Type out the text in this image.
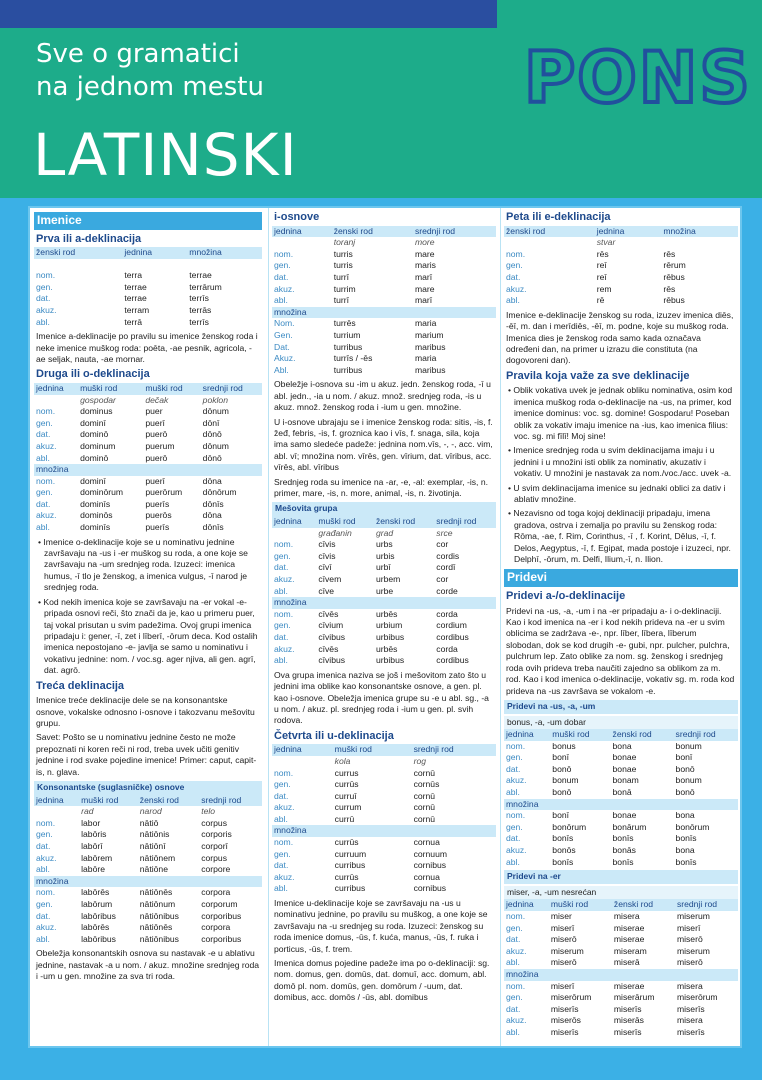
Sve o gramatici
na jednom mestu
LATINSKI
PONS
Imenice
Prva ili a-deklinacija
ženski rod	jednina	množina

nom.	terra	terrae
gen.	terrae	terrārum
dat.	terrae	terrīs
akuz.	terram	terrās
abl.	terrā	terrīs
Imenice a-deklinacije po pravilu su imenice ženskog roda i neke imenice muškog roda: poēta, -ae pesnik, agricola, -ae seljak, nauta, -ae mornar.
Druga ili o-deklinacija
jednina	muški rod	muški rod	srednji rod
	gospodar	dečak	poklon
nom.	dominus	puer	dōnum
gen.	dominī	puerī	dōnī
dat.	dominō	puerō	dōnō
akuz.	dominum	puerum	dōnum
abl.	dominō	puerō	dōnō
množina			
nom.	dominī	puerī	dōna
gen.	dominōrum	puerōrum	dōnōrum
dat.	dominīs	puerīs	dōnīs
akuz.	dominōs	puerōs	dōna
abl.	dominīs	puerīs	dōnīs
• Imenice o-deklinacije koje se u nominativu jednine završavaju na -us i -er muškog su roda, a one koje se završavaju na -um srednjeg roda. Izuzeci: imenica humus, -ī tlo je ženskog, a imenica vulgus, -ī narod je srednjeg roda.
• Kod nekih imenica koje se završavaju na -er vokal -e- pripada osnovi reči, što znači da je, kao u primeru puer, taj vokal prisutan u svim padežima. Ovoj grupi imenica pripadaju i: gener, -ī, zet i līberī, -ōrum deca. Kod ostalih imenica nepostojano -e- javlja se samo u nominativu i vokativu jednine: nom. / voc.sg. ager njiva, ali gen. agrī, dat. agrō.
Treća deklinacija
Imenice treće deklinacije dele se na konsonantske osnove, vokalske odnosno i-osnove i takozvanu mešovitu grupu.
Savet: Pošto se u nominativu jednine često ne može prepoznati ni koren reči ni rod, treba uvek učiti genitiv jednine i rod svake pojedine imenice! Primer: caput, capit-is, n. glava.
Konsonantske (suglasničke) osnove
jednina	muški rod	ženski rod	srednji rod
	rad	narod	telo
nom.	labor	nātiō	corpus
gen.	labōris	nātiōnis	corporis
dat.	labōrī	nātiōnī	corporī
akuz.	labōrem	nātiōnem	corpus
abl.	labōre	nātiōne	corpore
množina			
nom.	labōrēs	nātiōnēs	corpora
gen.	labōrum	nātiōnum	corporum
dat.	labōribus	nātiōnibus	corporibus
akuz.	labōrēs	nātiōnēs	corpora
abl.	labōribus	nātiōnibus	corporibus
Obeležja konsonantskih osnova su nastavak -e u ablativu jednine, nastavak -a u nom. / akuz. množine srednjeg roda i -um u gen. množine za sva tri roda.
i-osnove
jednina	ženski rod	srednji rod
	toranj	more
nom.	turris	mare
gen.	turris	maris
dat.	turrī	marī
akuz.	turrim	mare
abl.	turrī	marī
množina		
Nom.	turrēs	maria
Gen.	turrium	marium
Dat.	turribus	maribus
Akuz.	turrīs / -ēs	maria
Abl.	turribus	maribus
Obeležje i-osnova su -im u akuz. jedn. ženskog roda, -ī u abl. jedn., -ia u nom. / akuz. množ. srednjeg roda, -is u akuz. množ. ženskog roda i -ium u gen. množine.
U i-osnove ubrajaju se i imenice ženskog roda: sitis, -is, f. žeđ, febris, -is, f. groznica kao i vīs, f. snaga, sila, koja ima samo sledeće padeže: jednina nom.vīs, -, -, acc. vim, abl. vī; množina nom. vīrēs, gen. vīrium, dat. vīribus, acc. vīrēs, abl. vīribus
Srednjeg roda su imenice na -ar, -e, -al: exemplar, -is, n. primer, mare, -is, n. more, animal, -is, n. životinja.
Mešovita grupa
jednina	muški rod	ženski rod	srednji rod
	građanin	grad	srce
nom.	cīvis	urbs	cor
gen.	cīvis	urbis	cordis
dat.	cīvī	urbī	cordī
akuz.	cīvem	urbem	cor
abl.	cīve	urbe	corde
množina			
nom.	cīvēs	urbēs	corda
gen.	cīvium	urbium	cordium
dat.	cīvibus	urbibus	cordibus
akuz.	cīvēs	urbēs	corda
abl.	cīvibus	urbibus	cordibus
Ova grupa imenica naziva se još i mešovitom zato što u jednini ima oblike kao konsonantske osnove, a gen. pl. kao i-osnove. Obeležja imenica grupe su -e u abl. sg., -a u nom. / akuz. pl. srednjeg roda i -ium u gen. pl. svih rodova.
Četvrta ili u-deklinacija
jednina	muški rod	srednji rod
	kola	rog
nom.	currus	cornū
gen.	currūs	cornūs
dat.	curruī	cornū
akuz.	currum	cornū
abl.	currū	cornū
množina		
nom.	currūs	cornua
gen.	curruum	cornuum
dat.	curribus	cornibus
akuz.	currūs	cornua
abl.	curribus	cornibus
Imenice u-deklinacije koje se završavaju na -us u nominativu jednine, po pravilu su muškog, a one koje se završavaju na -u srednjeg su roda. Izuzeci: ženskog su roda imenice domus, -ūs, f. kuća, manus, -ūs, f. ruka i porticus, -ūs, f. trem.
Imenica domus pojedine padeže ima po o-deklinaciji: sg. nom. domus, gen. domūs, dat. domuī, acc. domum, abl. domō pl. nom. domūs, gen. domōrum / -uum, dat. domibus, acc. domōs / -ūs, abl. domibus
Peta ili e-deklinacija
ženski rod	jednina	množina
	stvar	
nom.	rēs	rēs
gen.	reī	rērum
dat.	reī	rēbus
akuz.	rem	rēs
abl.	rē	rēbus
Imenice e-deklinacije ženskog su roda, izuzev imenica diēs, -ēī, m. dan i merīdiēs, -ēī, m. podne, koje su muškog roda. Imenica dies je ženskog roda samo kada označava određeni dan, na primer u izrazu die constituta (na dogovoreni dan).
Pravila koja važe za sve deklinacije
• Oblik vokativa uvek je jednak obliku nominativa, osim kod imenica muškog roda o-deklinacije na -us, na primer, kod imenice dominus: voc. sg. domine! Gospodaru! Poseban oblik za vokativ imaju imenice na -ius, kao imenica filius: voc. sg. mi fīlī! Moj sine!
• Imenice srednjeg roda u svim deklinacijama imaju i u jednini i u množini isti oblik za nominativ, akuzativ i vokativ. U množini je nastavak za nom./voc./acc. uvek -a.
• U svim deklinacijama imenice su jednaki oblici za dativ i ablativ množine.
• Nezavisno od toga kojoj deklinaciji pripadaju, imena gradova, ostrva i zemalja po pravilu su ženskog roda: Rōma, -ae, f. Rim, Corinthus, -ī , f. Korint, Dēlus, -ī, f. Delos, Aegyptus, -ī, f. Egipat, mada postoje i izuzeci, npr. Delphī, -ōrum, m. Delfi, Ilium,-ī, n. Ilion.
Pridevi
Pridevi a-/o-deklinacije
Pridevi na -us, -a, -um i na -er pripadaju a- i o-deklinaciji. Kao i kod imenica na -er i kod nekih prideva na -er u svim oblicima se zadržava -e-, npr. līber, lībera, līberum slobodan, dok se kod drugih -e- gubi, npr. pulcher, pulchra, pulchrum lep. Zato oblike za nom. sg. ženskog i srednjeg roda ovih prideva treba naučiti zajedno sa oblikom za m. rod. Kao i kod imenica o-deklinacije, vokativ sg. m. roda kod prideva na -us završava se vokalom -e.
Pridevi na -us, -a, -um
bonus, -a, -um dobar
jednina	muški rod	ženski rod	srednji rod
nom.	bonus	bona	bonum
gen.	bonī	bonae	bonī
dat.	bonō	bonae	bonō
akuz.	bonum	bonam	bonum
abl.	bonō	bonā	bonō
množina			
nom.	bonī	bonae	bona
gen.	bonōrum	bonārum	bonōrum
dat.	bonīs	bonīs	bonīs
akuz.	bonōs	bonās	bona
abl.	bonīs	bonīs	bonīs
Pridevi na -er
miser, -a, -um nesrećan
jednina	muški rod	ženski rod	srednji rod
nom.	miser	misera	miserum
gen.	miserī	miserae	miserī
dat.	miserō	miserae	miserō
akuz.	miserum	miseram	miserum
abl.	miserō	miserā	miserō
množina			
nom.	miserī	miserae	misera
gen.	miserōrum	miserārum	miserōrum
dat.	miserīs	miserīs	miserīs
akuz.	miserōs	miserās	misera
abl.	miserīs	miserīs	miserīs
